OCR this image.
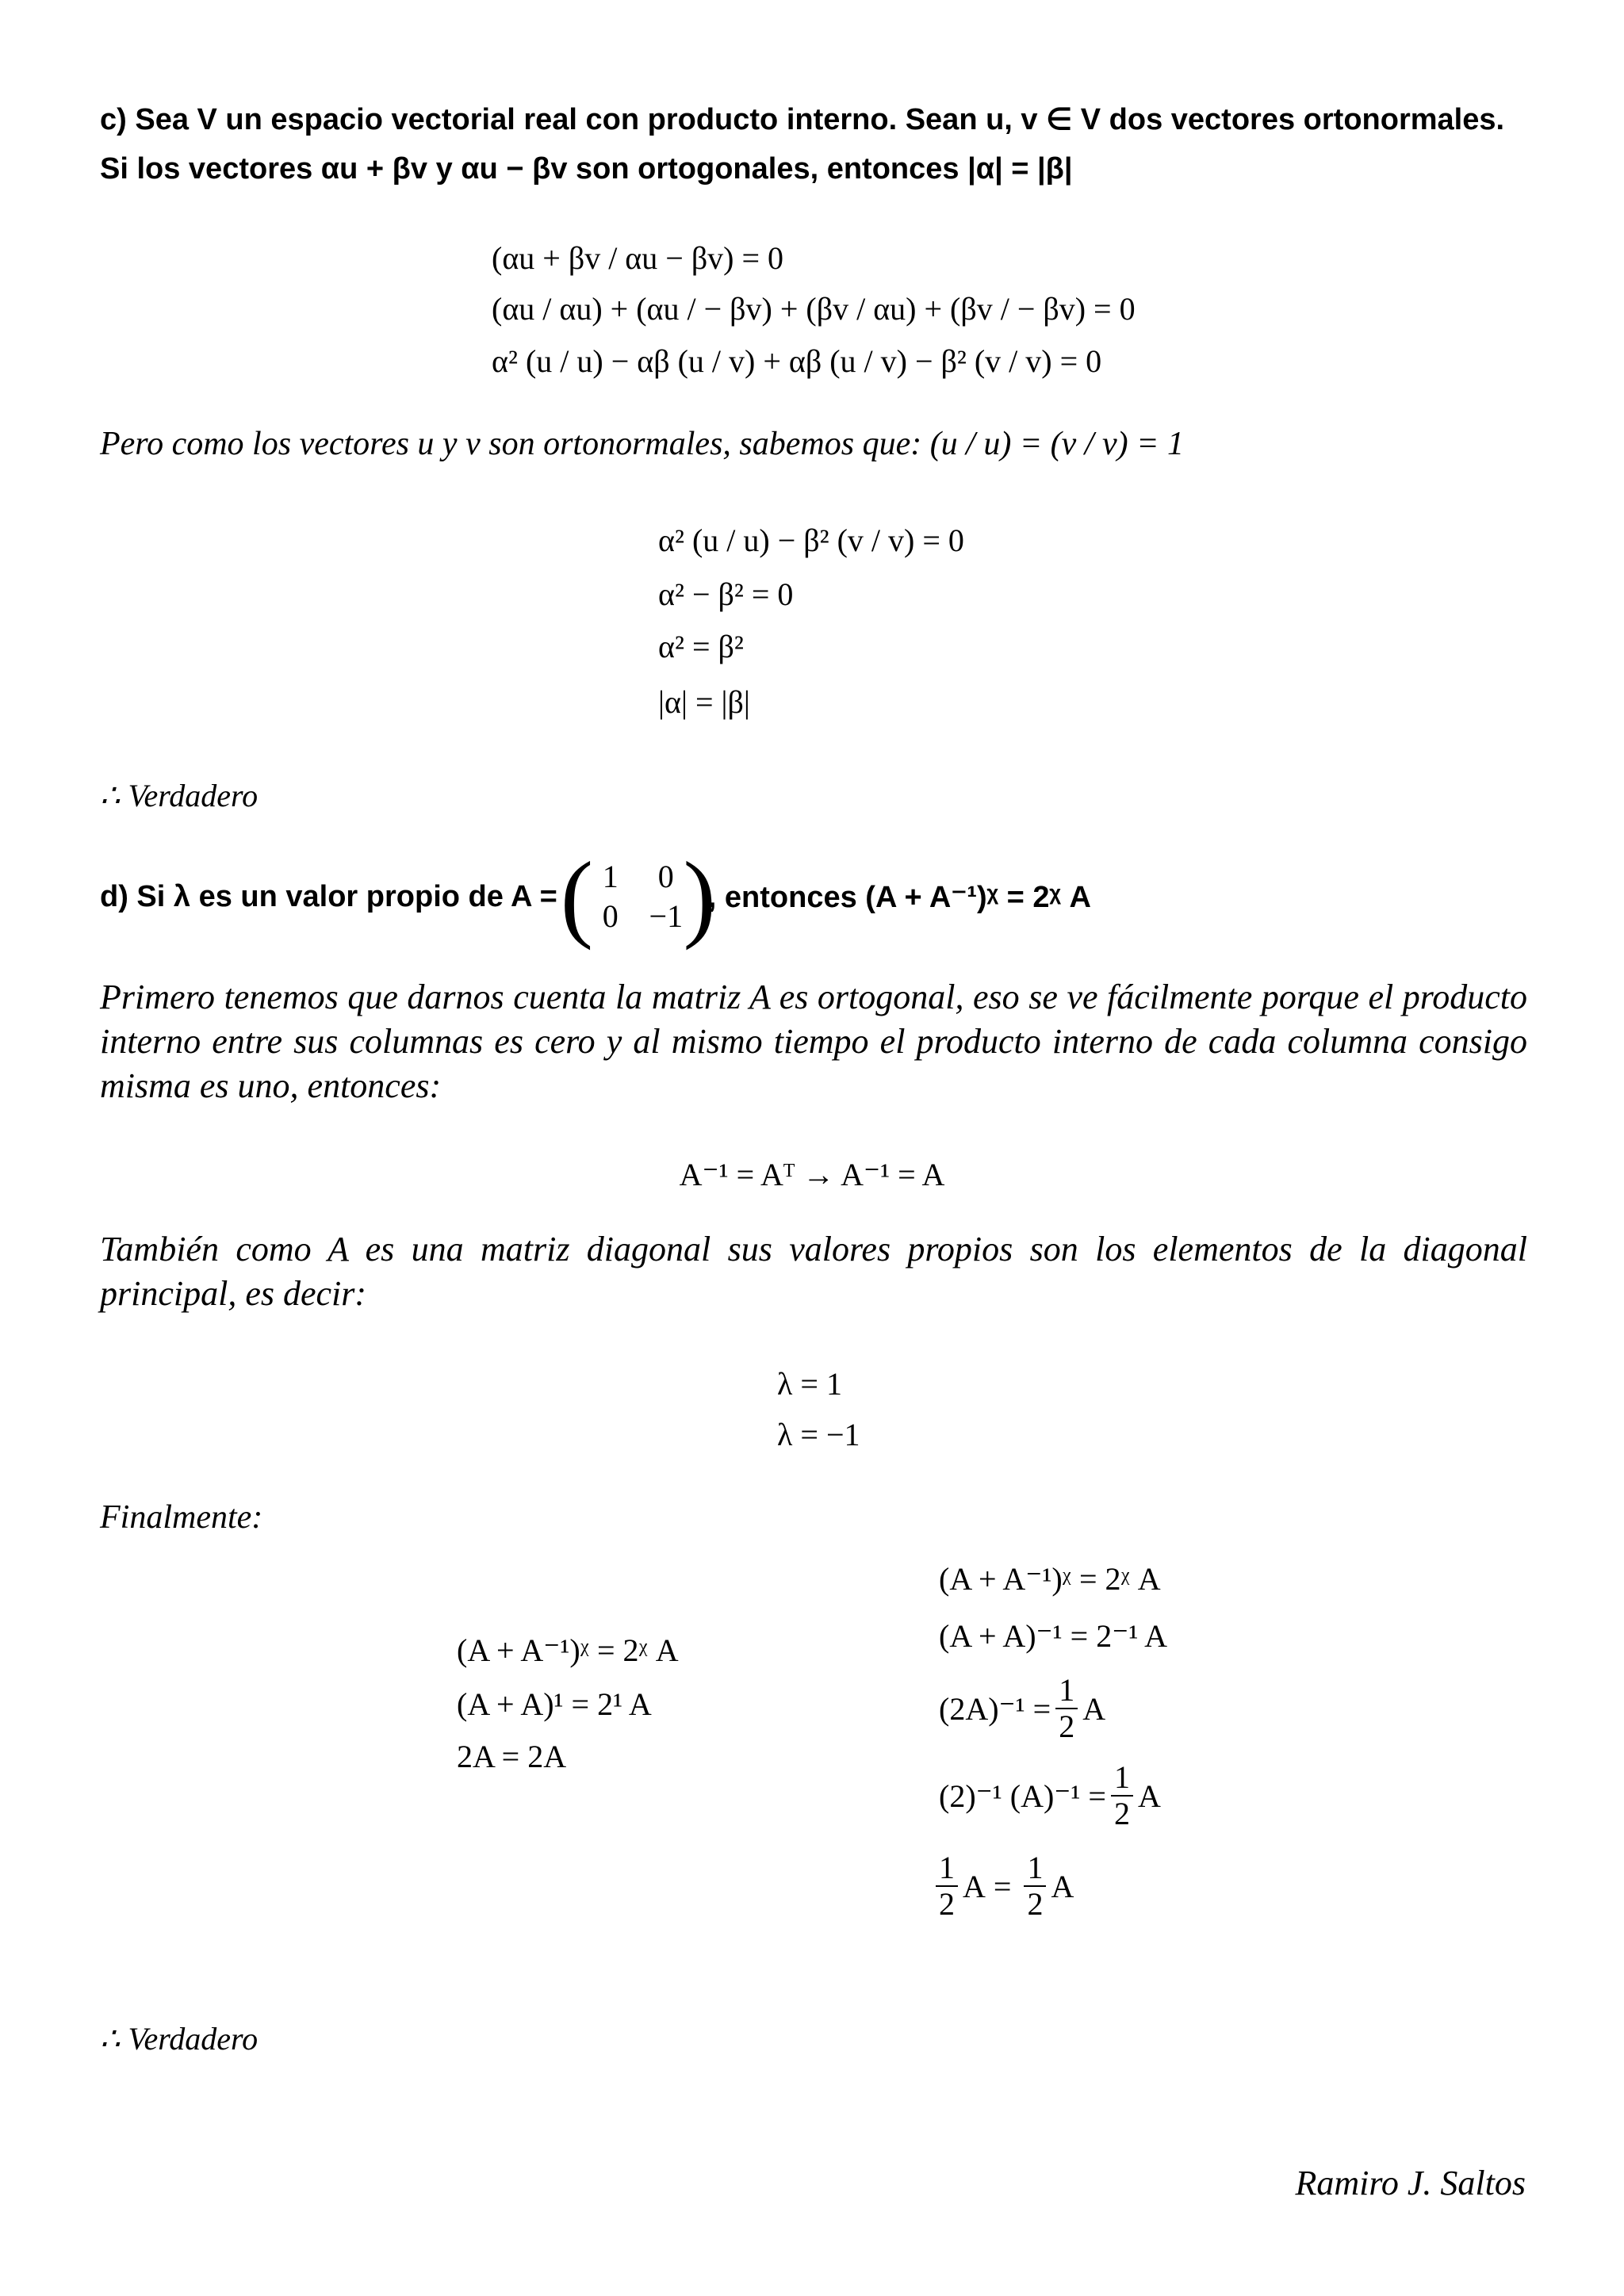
c) Sea V un espacio vectorial real con producto interno. Sean u, v ∈ V dos vectores ortonormales.
Si los vectores αu + βv y αu − βv son ortogonales, entonces |α| = |β|
(αu + βv / αu − βv) = 0
(αu / αu) + (αu / − βv) + (βv / αu) + (βv / − βv) = 0
α² (u / u) − αβ (u / v) + αβ (u / v) − β² (v / v) = 0
Pero como los vectores u y v son ortonormales, sabemos que: (u / u) = (v / v) = 1
α² (u / u) − β² (v / v) = 0
α² − β² = 0
α² = β²
|α| = |β|
∴ Verdadero
d) Si λ es un valor propio de A = ( 1	0
0 −1 )
, entonces (A + A⁻¹)ᵡ = 2ᵡ A
Primero tenemos que darnos cuenta la matriz A es ortogonal, eso se ve fácilmente porque el producto interno entre sus columnas es cero y al mismo tiempo el producto interno de cada columna consigo misma es uno, entonces:
A⁻¹ = Aᵀ → A⁻¹ = A
También como A es una matriz diagonal sus valores propios son los elementos de la diagonal principal, es decir:
λ = 1
λ = −1
Finalmente:
(A + A⁻¹)ᵡ = 2ᵡ A
(A + A)¹ = 2¹ A
2A = 2A
(A + A⁻¹)ᵡ = 2ᵡ A
(A + A)⁻¹ = 2⁻¹ A
$(2A)^{-1} = \frac{1}{2}$ A
(2)⁻¹ $(A)^{-1} = \frac{1}{2}$ A
$\frac{1}{2}$ $A = \frac{1}{2}$ A
∴ Verdadero
Ramiro J. Saltos
